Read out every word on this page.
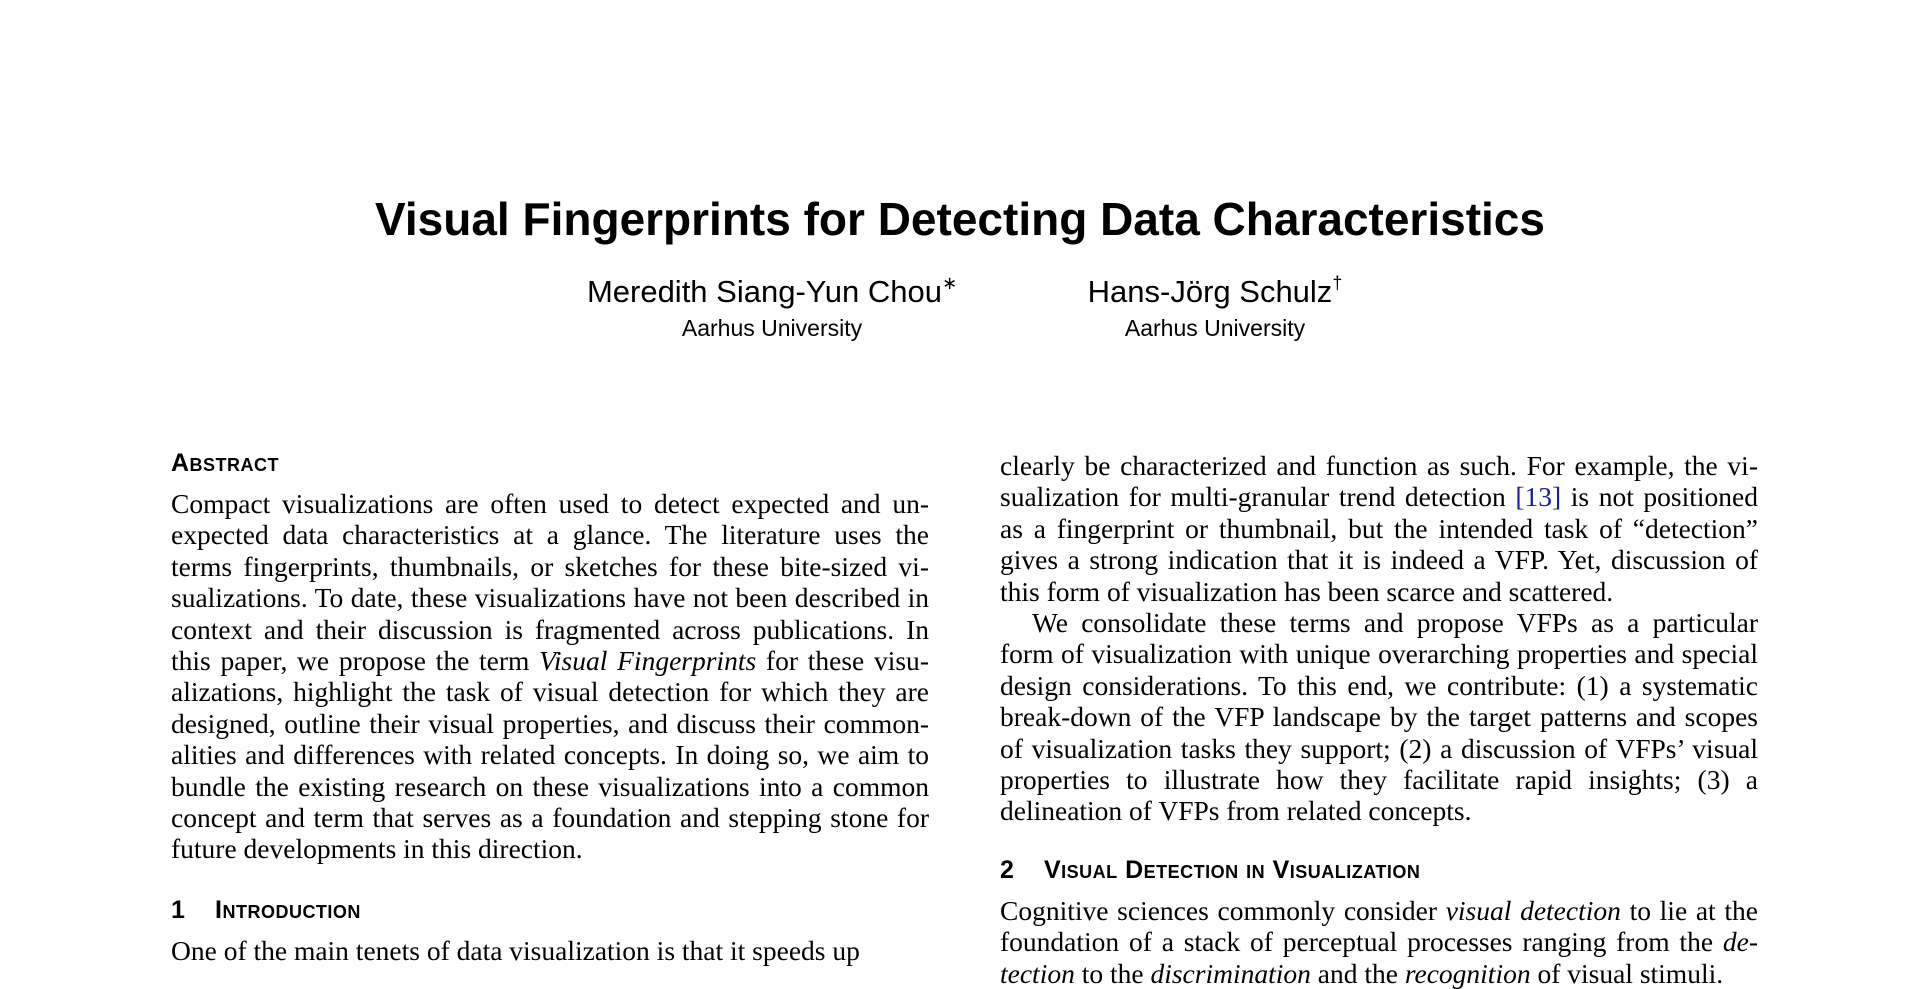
Visual Fingerprints for Detecting Data Characteristics
Meredith Siang-Yun Chou∗
Aarhus University
Hans-Jörg Schulz†
Aarhus University
Abstract

Compact visualizations are often used to detect expected and unexpected data characteristics at a glance. The literature uses the terms fingerprints, thumbnails, or sketches for these bite-sized visualizations. To date, these visualizations have not been described in context and their discussion is fragmented across publications. In this paper, we propose the term Visual Fingerprints for these visualizations, highlight the task of visual detection for which they are designed, outline their visual properties, and discuss their commonalities and differences with related concepts. In doing so, we aim to bundle the existing research on these visualizations into a common concept and term that serves as a foundation and stepping stone for future developments in this direction.

1 Introduction

One of the main tenets of data visualization is that it speeds up

clearly be characterized and function as such. For example, the visualization for multi-granular trend detection [13] is not positioned as a fingerprint or thumbnail, but the intended task of “detection” gives a strong indication that it is indeed a VFP. Yet, discussion of this form of visualization has been scarce and scattered.

We consolidate these terms and propose VFPs as a particular form of visualization with unique overarching properties and special design considerations. To this end, we contribute: (1) a systematic break-down of the VFP landscape by the target patterns and scopes of visualization tasks they support; (2) a discussion of VFPs’ visual properties to illustrate how they facilitate rapid insights; (3) a delineation of VFPs from related concepts.

2 Visual Detection in Visualization

Cognitive sciences commonly consider visual detection to lie at the foundation of a stack of perceptual processes ranging from the detection to the discrimination and the recognition of visual stimuli.
